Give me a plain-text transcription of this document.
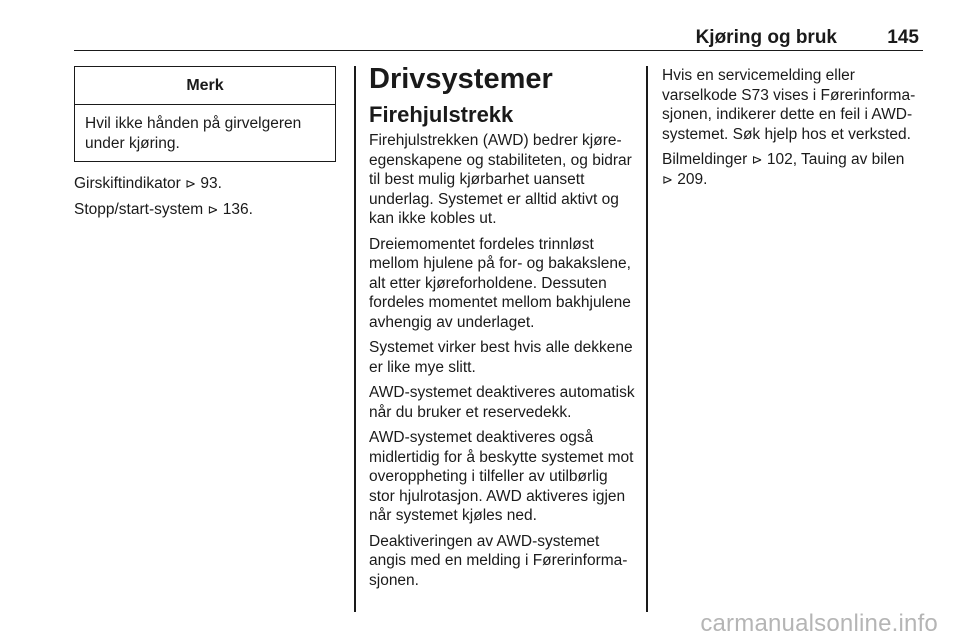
Kjøring og bruk	145
Merk
Hvil ikke hånden på girvelgeren under kjøring.
Girskiftindikator ⊳ 93.
Stopp/start-system ⊳ 136.
Drivsystemer
Firehjulstrekk

Firehjulstrekken (AWD) bedrer kjøreegenskapene og stabiliteten, og bidrar til best mulig kjørbarhet uansett underlag. Systemet er alltid aktivt og kan ikke kobles ut.

Dreiemomentet fordeles trinnløst mellom hjulene på for- og bakakslene, alt etter kjøreforholdene. Dessuten fordeles momentet mellom bakhjulene avhengig av underlaget.

Systemet virker best hvis alle dekkene er like mye slitt.

AWD-systemet deaktiveres automatisk når du bruker et reservedekk.

AWD-systemet deaktiveres også midlertidig for å beskytte systemet mot overoppheting i tilfeller av utilbørlig stor hjulrotasjon. AWD aktiveres igjen når systemet kjøles ned.

Deaktiveringen av AWD-systemet angis med en melding i Førerinformasjonen.

Hvis en servicemelding eller varselkode S73 vises i Førerinformasjonen, indikerer dette en feil i AWD-systemet. Søk hjelp hos et verksted.

Bilmeldinger ⊳ 102, Tauing av bilen
⊳ 209.

carmanualsonline.info
